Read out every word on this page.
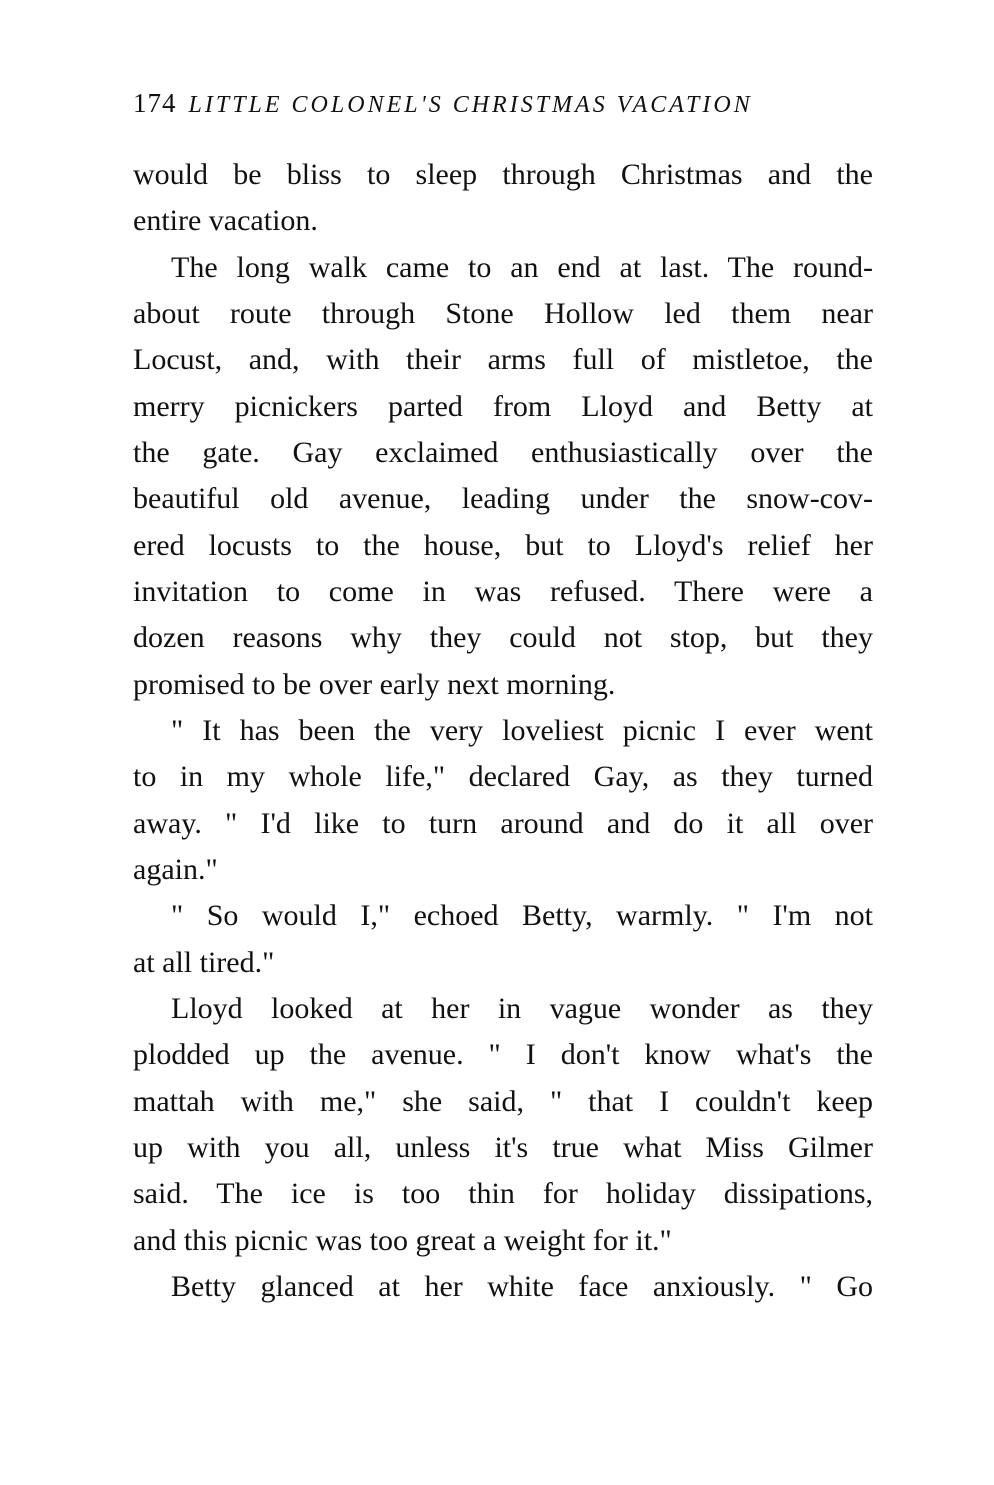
174 LITTLE COLONEL'S CHRISTMAS VACATION
would be bliss to sleep through Christmas and the
entire vacation.
The long walk came to an end at last. The round-
about route through Stone Hollow led them near
Locust, and, with their arms full of mistletoe, the
merry picnickers parted from Lloyd and Betty at
the gate. Gay exclaimed enthusiastically over the
beautiful old avenue, leading under the snow-cov-
ered locusts to the house, but to Lloyd's relief her
invitation to come in was refused. There were a
dozen reasons why they could not stop, but they
promised to be over early next morning.
" It has been the very loveliest picnic I ever went
to in my whole life," declared Gay, as they turned
away. " I'd like to turn around and do it all over
again."
" So would I," echoed Betty, warmly. " I'm not
at all tired."
Lloyd looked at her in vague wonder as they
plodded up the avenue. " I don't know what's the
mattah with me," she said, " that I couldn't keep
up with you all, unless it's true what Miss Gilmer
said. The ice is too thin for holiday dissipations,
and this picnic was too great a weight for it."
Betty glanced at her white face anxiously. " Go
